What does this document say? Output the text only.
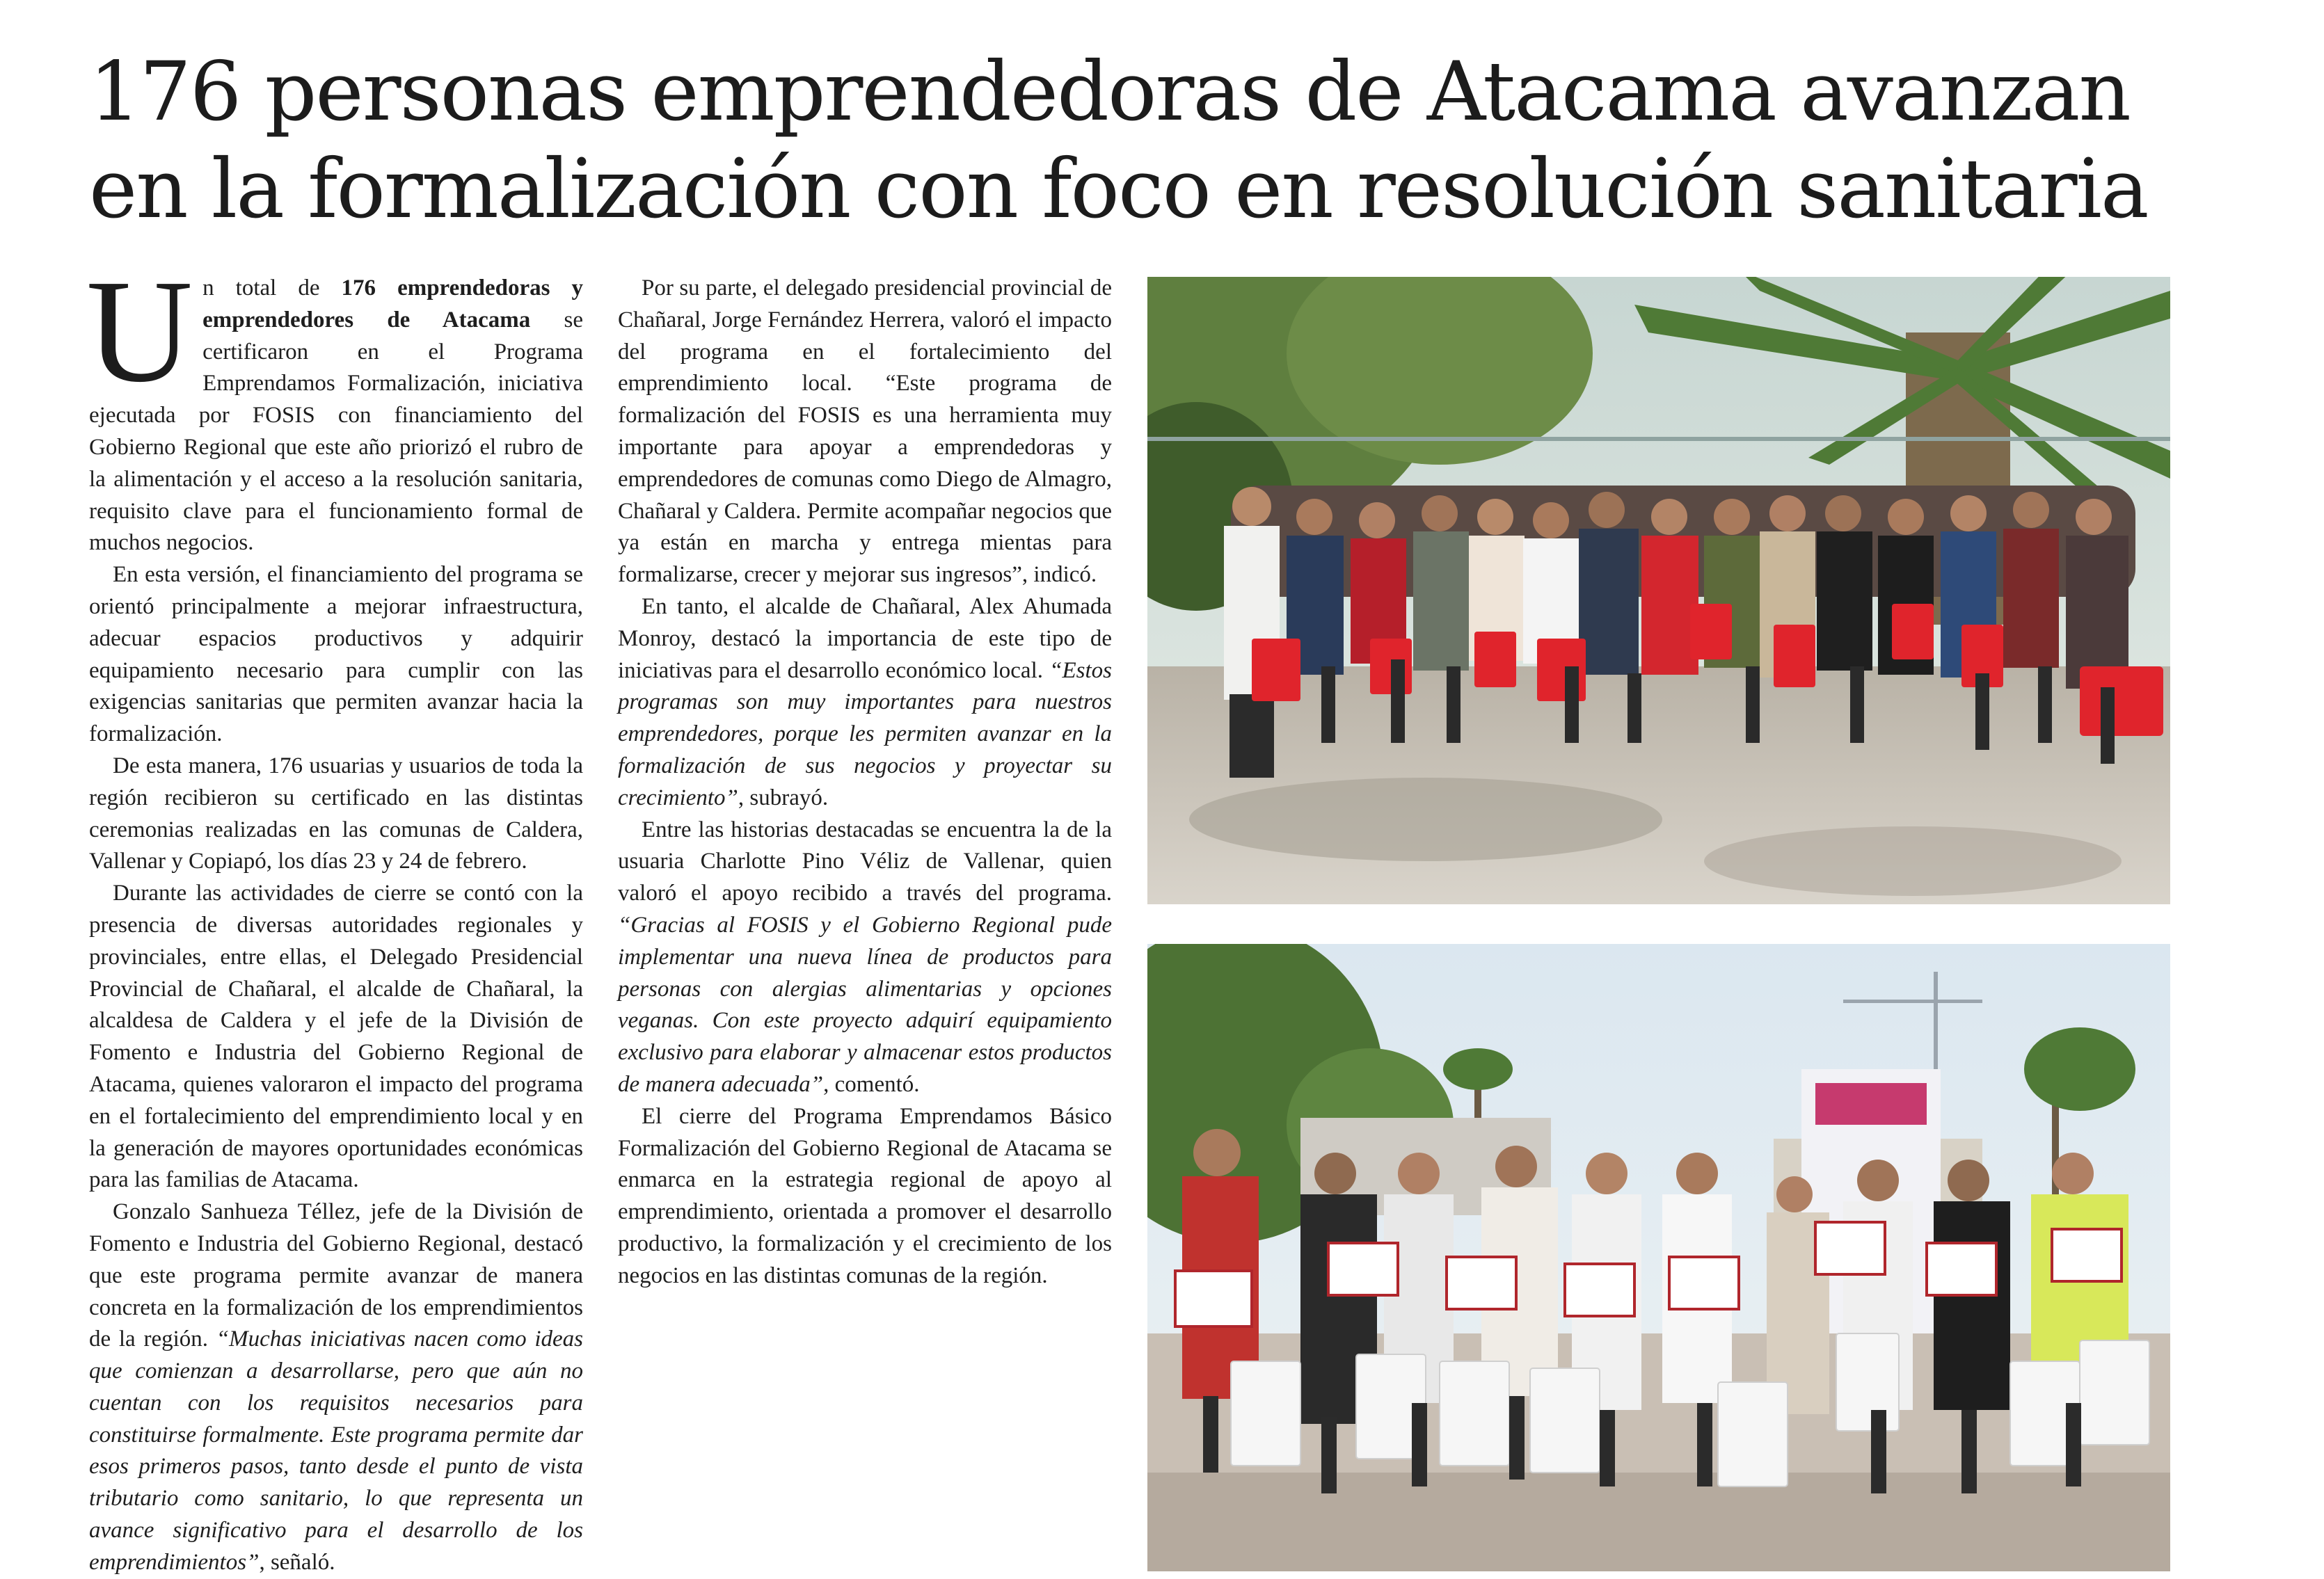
176 personas emprendedoras de Atacama avanzan
en la formalización con foco en resolución sanitaria

Un total de 176 emprendedoras y emprendedores de Atacama se certificaron en el Programa Emprendamos Formalización, iniciativa ejecutada por FOSIS con financiamiento del Gobierno Regional que este año priorizó el rubro de la alimentación y el acceso a la resolución sanitaria, requisito clave para el funcionamiento formal de muchos negocios.

En esta versión, el financiamiento del programa se orientó principalmente a mejorar infraestructura, adecuar espacios productivos y adquirir equipamiento necesario para cumplir con las exigencias sanitarias que permiten avanzar hacia la formalización.

De esta manera, 176 usuarias y usuarios de toda la región recibieron su certificado en las distintas ceremonias realizadas en las comunas de Caldera, Vallenar y Copiapó, los días 23 y 24 de febrero.

Durante las actividades de cierre se contó con la presencia de diversas autoridades regionales y provinciales, entre ellas, el Delegado Presidencial Provincial de Chañaral, el alcalde de Chañaral, la alcaldesa de Caldera y el jefe de la División de Fomento e Industria del Gobierno Regional de Atacama, quienes valoraron el impacto del programa en el fortalecimiento del emprendimiento local y en la generación de mayores oportunidades económicas para las familias de Atacama.

Gonzalo Sanhueza Téllez, jefe de la División de Fomento e Industria del Gobierno Regional, destacó que este programa permite avanzar de manera concreta en la formalización de los emprendimientos de la región. “Muchas iniciativas nacen como ideas que comienzan a desarrollarse, pero que aún no cuentan con los requisitos necesarios para constituirse formalmente. Este programa permite dar esos primeros pasos, tanto desde el punto de vista tributario como sanitario, lo que representa un avance significativo para el desarrollo de los emprendimientos”, señaló.

Por su parte, el delegado presidencial provincial de Chañaral, Jorge Fernández Herrera, valoró el impacto del programa en el fortalecimiento del emprendimiento local. “Este programa de formalización del FOSIS es una herramienta muy importante para apoyar a emprendedoras y emprendedores de comunas como Diego de Almagro, Chañaral y Caldera. Permite acompañar negocios que ya están en marcha y entrega mientas para formalizarse, crecer y mejorar sus ingresos”, indicó.

En tanto, el alcalde de Chañaral, Alex Ahumada Monroy, destacó la importancia de este tipo de iniciativas para el desarrollo económico local. “Estos programas son muy importantes para nuestros emprendedores, porque les permiten avanzar en la formalización de sus negocios y proyectar su crecimiento”, subrayó.

Entre las historias destacadas se encuentra la de la usuaria Charlotte Pino Véliz de Vallenar, quien valoró el apoyo recibido a través del programa. “Gracias al FOSIS y el Gobierno Regional pude implementar una nueva línea de productos para personas con alergias alimentarias y opciones veganas. Con este proyecto adquirí equipamiento exclusivo para elaborar y almacenar estos productos de manera adecuada”, comentó.

El cierre del Programa Emprendamos Básico Formalización del Gobierno Regional de Atacama se enmarca en la estrategia regional de apoyo al emprendimiento, orientada a promover el desarrollo productivo, la formalización y el crecimiento de los negocios en las distintas comunas de la región.
